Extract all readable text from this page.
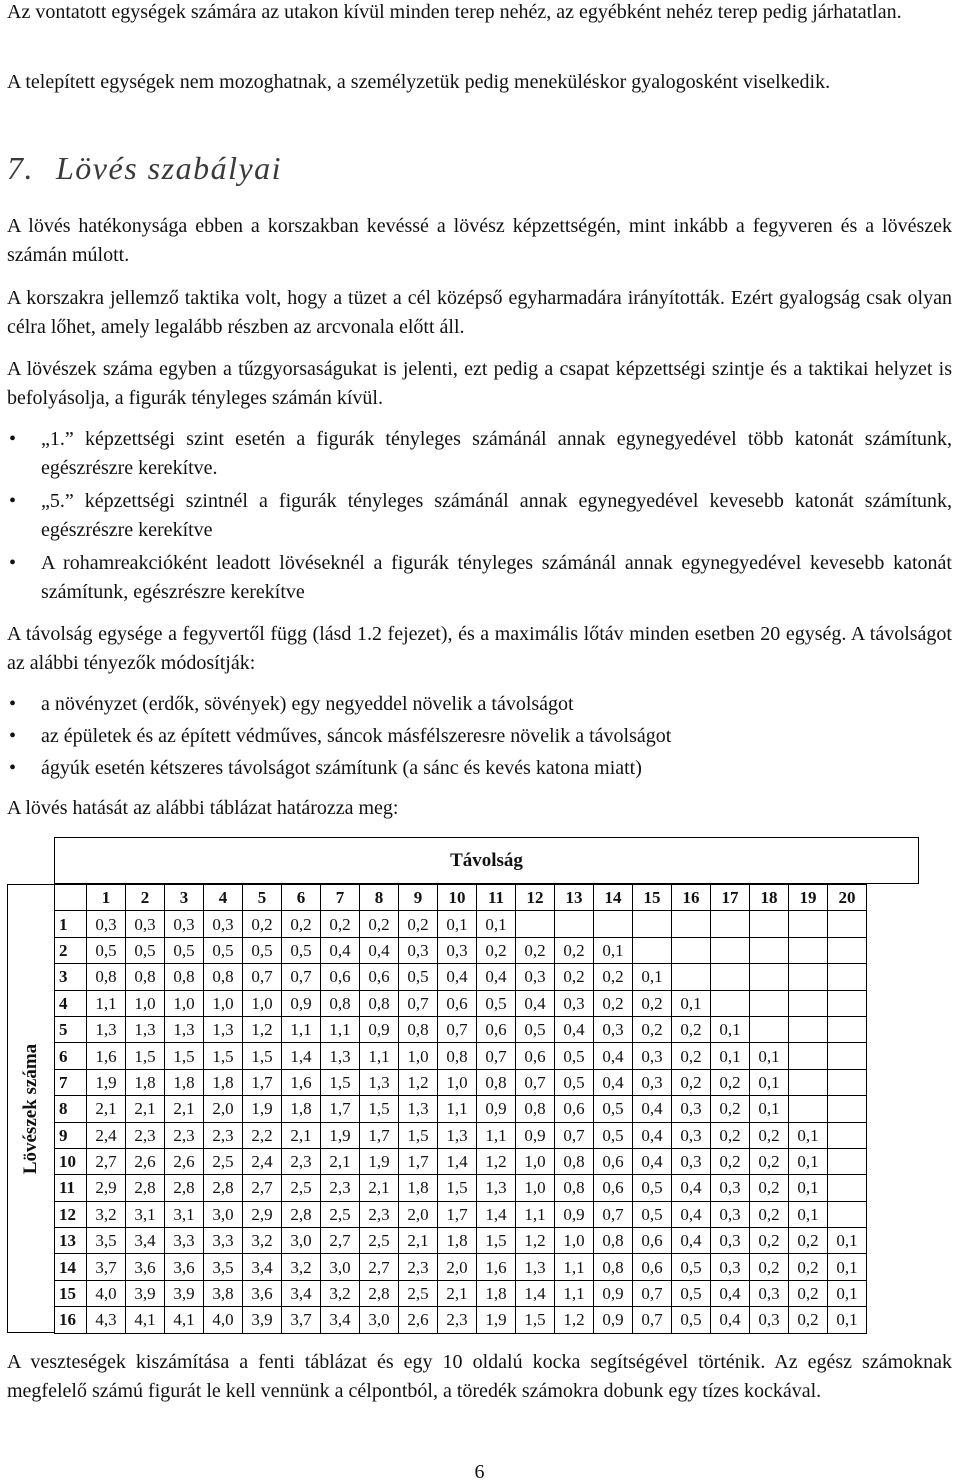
Az vontatott egységek számára az utakon kívül minden terep nehéz, az egyébként nehéz terep pedig járhatatlan.

A telepített egységek nem mozoghatnak, a személyzetük pedig meneküléskor gyalogosként viselkedik.

7. Lövés szabályai

A lövés hatékonysága ebben a korszakban kevéssé a lövész képzettségén, mint inkább a fegyveren és a lövészek számán múlott.

A korszakra jellemző taktika volt, hogy a tüzet a cél középső egyharmadára irányították. Ezért gyalogság csak olyan célra lőhet, amely legalább részben az arcvonala előtt áll.

A lövészek száma egyben a tűzgyorsaságukat is jelenti, ezt pedig a csapat képzettségi szintje és a taktikai helyzet is befolyásolja, a figurák tényleges számán kívül.

• „1.” képzettségi szint esetén a figurák tényleges számánál annak egynegyedével több katonát számítunk, egészrészre kerekítve.
• „5.” képzettségi szintnél a figurák tényleges számánál annak egynegyedével kevesebb katonát számítunk, egészrészre kerekítve
• A rohamreakcióként leadott lövéseknél a figurák tényleges számánál annak egynegyedével kevesebb katonát számítunk, egészrészre kerekítve

A távolság egysége a fegyvertől függ (lásd 1.2 fejezet), és a maximális lőtáv minden esetben 20 egység. A távolságot az alábbi tényezők módosítják:

• a növényzet (erdők, sövények) egy negyeddel növelik a távolságot
• az épületek és az épített védműves, sáncok másfélszeresre növelik a távolságot
• ágyúk esetén kétszeres távolságot számítunk (a sánc és kevés katona miatt)

A lövés hatását az alábbi táblázat határozza meg:

Távolság
Lövészek száma
	1	2	3	4	5	6	7	8	9	10	11	12	13	14	15	16	17	18	19	20
1	0,3	0,3	0,3	0,3	0,2	0,2	0,2	0,2	0,2	0,1	0,1									
2	0,5	0,5	0,5	0,5	0,5	0,5	0,4	0,4	0,3	0,3	0,2	0,2	0,2	0,1						
3	0,8	0,8	0,8	0,8	0,7	0,7	0,6	0,6	0,5	0,4	0,4	0,3	0,2	0,2	0,1					
4	1,1	1,0	1,0	1,0	1,0	0,9	0,8	0,8	0,7	0,6	0,5	0,4	0,3	0,2	0,2	0,1				
5	1,3	1,3	1,3	1,3	1,2	1,1	1,1	0,9	0,8	0,7	0,6	0,5	0,4	0,3	0,2	0,2	0,1			
6	1,6	1,5	1,5	1,5	1,5	1,4	1,3	1,1	1,0	0,8	0,7	0,6	0,5	0,4	0,3	0,2	0,1	0,1		
7	1,9	1,8	1,8	1,8	1,7	1,6	1,5	1,3	1,2	1,0	0,8	0,7	0,5	0,4	0,3	0,2	0,2	0,1		
8	2,1	2,1	2,1	2,0	1,9	1,8	1,7	1,5	1,3	1,1	0,9	0,8	0,6	0,5	0,4	0,3	0,2	0,1		
9	2,4	2,3	2,3	2,3	2,2	2,1	1,9	1,7	1,5	1,3	1,1	0,9	0,7	0,5	0,4	0,3	0,2	0,2	0,1	
10	2,7	2,6	2,6	2,5	2,4	2,3	2,1	1,9	1,7	1,4	1,2	1,0	0,8	0,6	0,4	0,3	0,2	0,2	0,1	
11	2,9	2,8	2,8	2,8	2,7	2,5	2,3	2,1	1,8	1,5	1,3	1,0	0,8	0,6	0,5	0,4	0,3	0,2	0,1	
12	3,2	3,1	3,1	3,0	2,9	2,8	2,5	2,3	2,0	1,7	1,4	1,1	0,9	0,7	0,5	0,4	0,3	0,2	0,1	
13	3,5	3,4	3,3	3,3	3,2	3,0	2,7	2,5	2,1	1,8	1,5	1,2	1,0	0,8	0,6	0,4	0,3	0,2	0,2	0,1
14	3,7	3,6	3,6	3,5	3,4	3,2	3,0	2,7	2,3	2,0	1,6	1,3	1,1	0,8	0,6	0,5	0,3	0,2	0,2	0,1
15	4,0	3,9	3,9	3,8	3,6	3,4	3,2	2,8	2,5	2,1	1,8	1,4	1,1	0,9	0,7	0,5	0,4	0,3	0,2	0,1
16	4,3	4,1	4,1	4,0	3,9	3,7	3,4	3,0	2,6	2,3	1,9	1,5	1,2	0,9	0,7	0,5	0,4	0,3	0,2	0,1

A veszteségek kiszámítása a fenti táblázat és egy 10 oldalú kocka segítségével történik. Az egész számoknak megfelelő számú figurát le kell vennünk a célpontból, a töredék számokra dobunk egy tízes kockával.

6
